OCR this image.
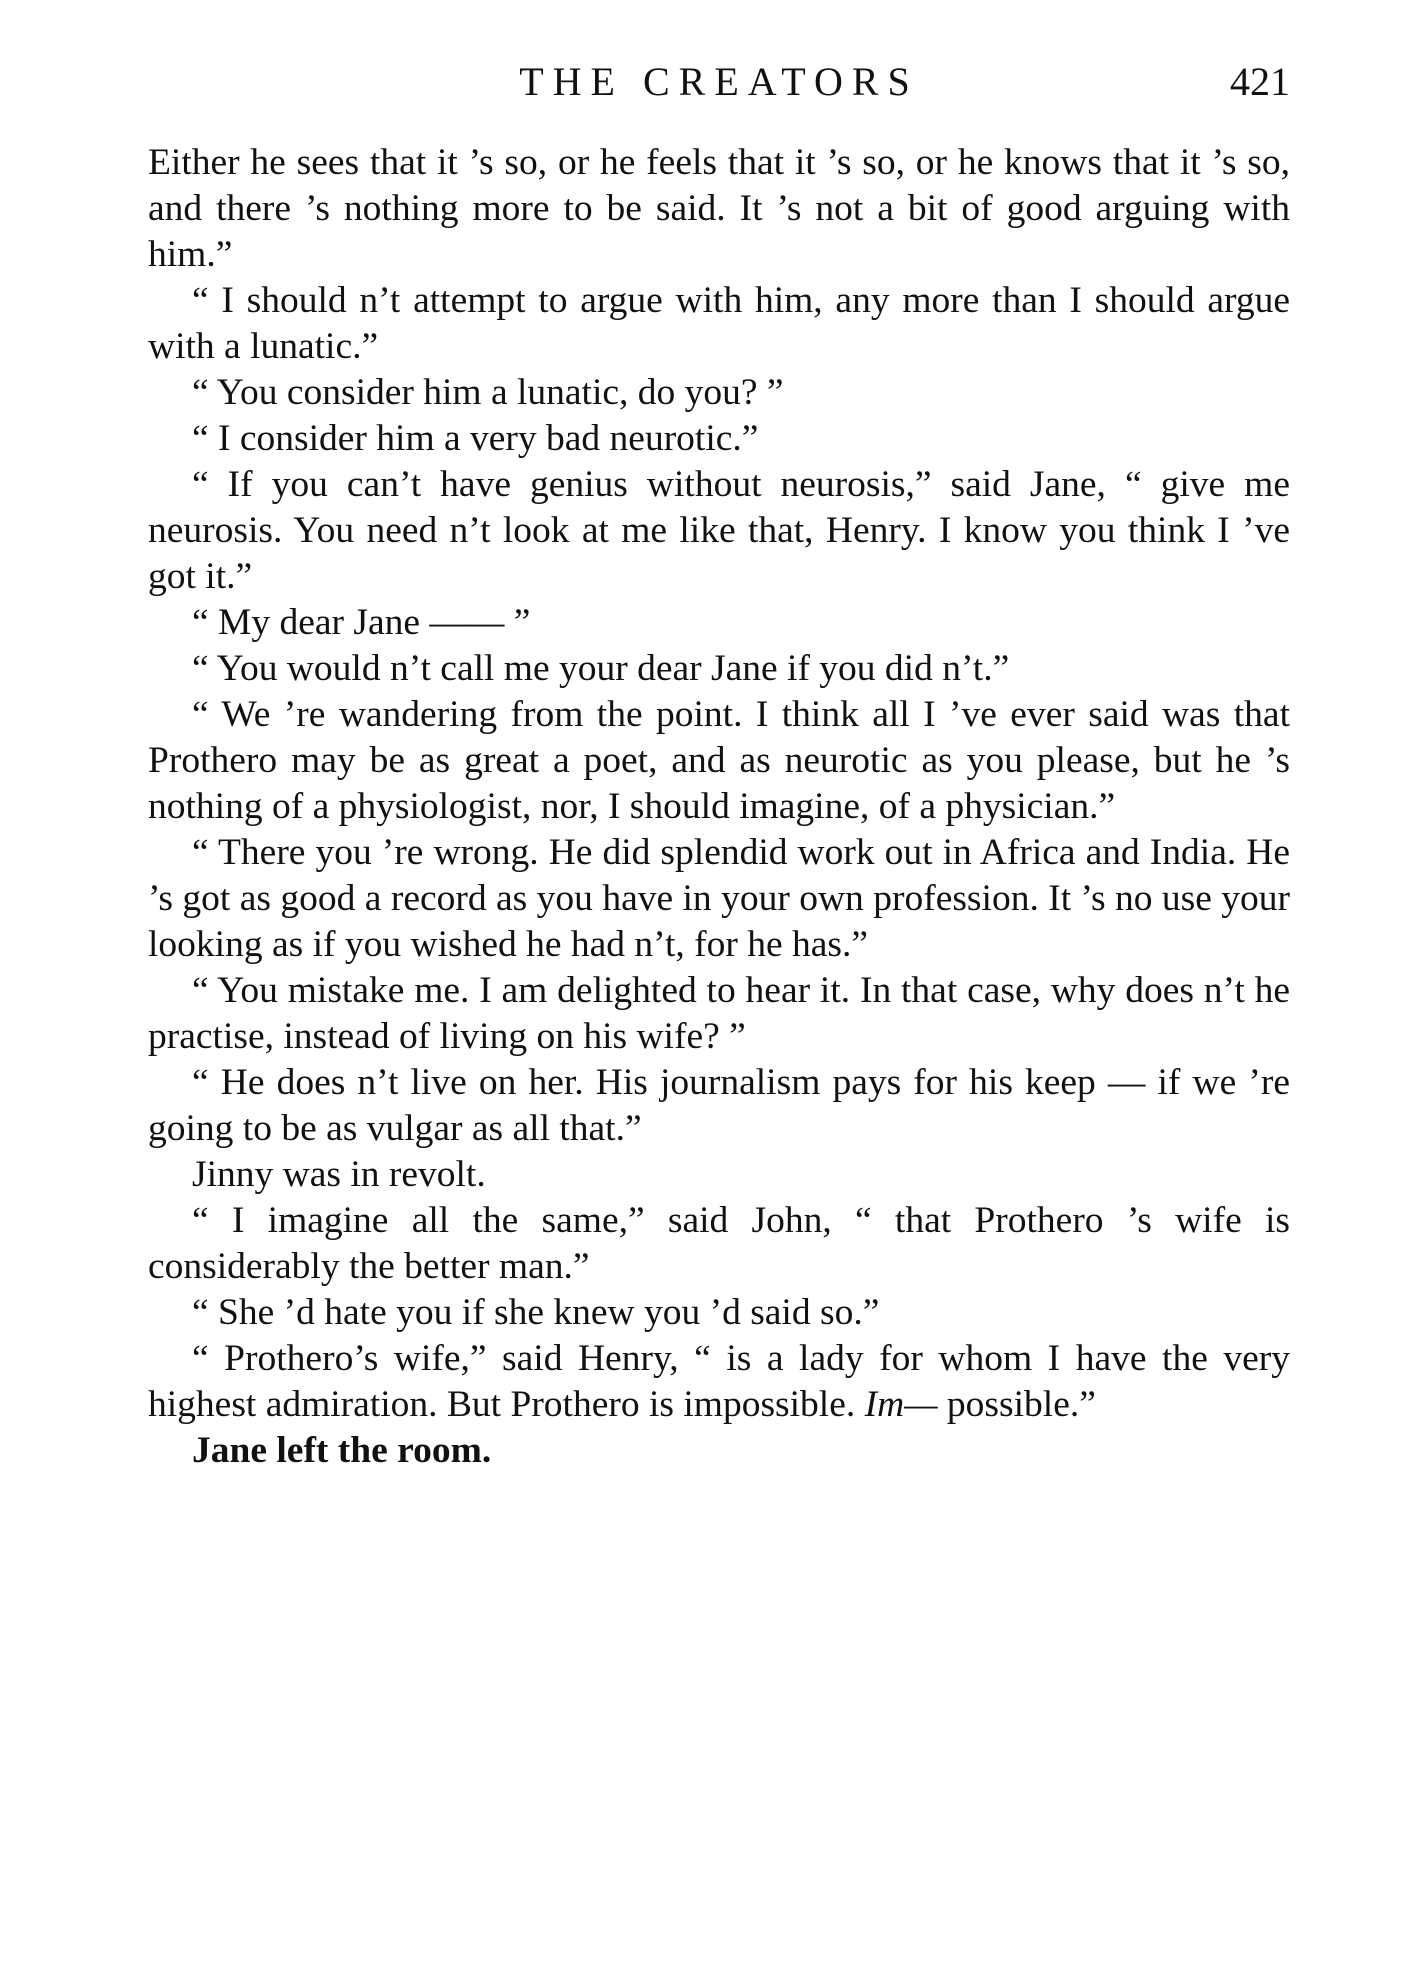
THE CREATORS	421

Either he sees that it ’s so, or he feels that it ’s so, or he knows that it ’s so, and there ’s nothing more to be said. It ’s not a bit of good arguing with him.”

“ I should n’t attempt to argue with him, any more than I should argue with a lunatic.”

“ You consider him a lunatic, do you? ”

“ I consider him a very bad neurotic.”

“ If you can’t have genius without neurosis,” said Jane, “ give me neurosis. You need n’t look at me like that, Henry. I know you think I ’ve got it.”

“ My dear Jane —— ”

“ You would n’t call me your dear Jane if you did n’t.”

“ We ’re wandering from the point. I think all I ’ve ever said was that Prothero may be as great a poet, and as neurotic as you please, but he ’s nothing of a physiologist, nor, I should imagine, of a physician.”

“ There you ’re wrong. He did splendid work out in Africa and India. He ’s got as good a record as you have in your own profession. It ’s no use your looking as if you wished he had n’t, for he has.”

“ You mistake me. I am delighted to hear it. In that case, why does n’t he practise, instead of living on his wife? ”

“ He does n’t live on her. His journalism pays for his keep — if we ’re going to be as vulgar as all that.”

Jinny was in revolt.

“ I imagine all the same,” said John, “ that Prothero ’s wife is considerably the better man.”

“ She ’d hate you if she knew you ’d said so.”

“ Prothero’s wife,” said Henry, “ is a lady for whom I have the very highest admiration. But Prothero is impossible. Im— possible.”

Jane left the room.
